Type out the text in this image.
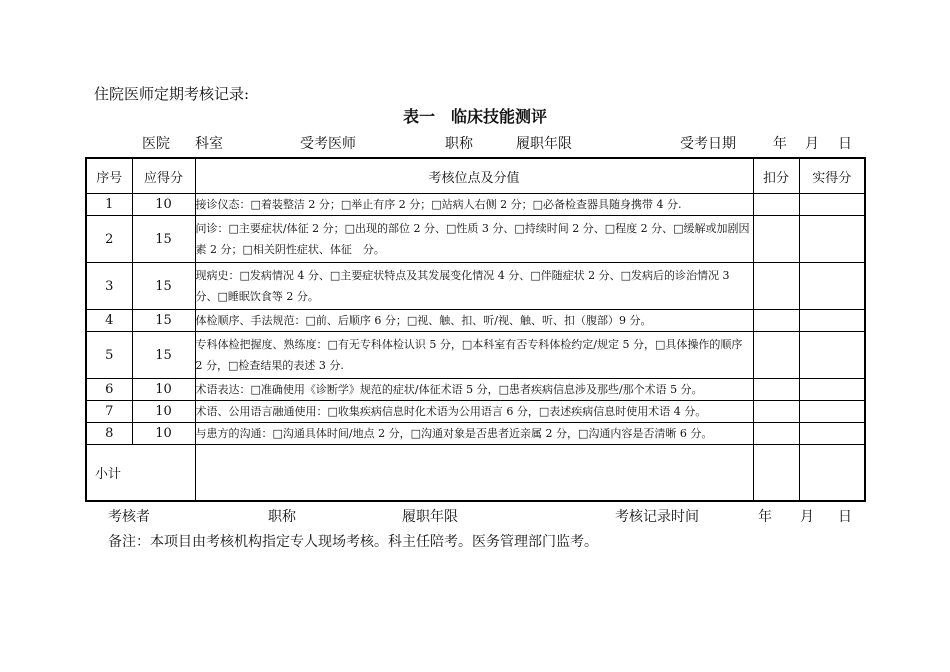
住院医师定期考核记录:
表一　临床技能测评
医院 科室	受考医师	职称	履职年限	受考日期	年 月 日
序号	应得分	考核位点及分值	扣分	实得分
1	10	接诊仪态：□着装整洁 2 分；□举止有序 2 分；□站病人右侧 2 分；□必备检查器具随身携带 4 分.		
2	15	问诊：□主要症状/体征 2 分；□出现的部位 2 分、□性质 3 分、□持续时间 2 分、□程度 2 分、□缓解或加剧因素 2 分；□相关阴性症状、体征　分。		
3	15	现病史：□发病情况 4 分、□主要症状特点及其发展变化情况 4 分、□伴随症状 2 分、□发病后的诊治情况 3 分、□睡眠饮食等 2 分。		
4	15	体检顺序、手法规范：□前、后顺序 6 分；□视、触、扣、听/视、触、听、扣（腹部）9 分。		
5	15	专科体检把握度、熟练度：□有无专科体检认识 5 分，□本科室有否专科体检约定/规定 5 分，□具体操作的顺序 2 分，□检查结果的表述 3 分.		
6	10	术语表达：□准确使用《诊断学》规范的症状/体征术语 5 分，□患者疾病信息涉及那些/那个术语 5 分。		
7	10	术语、公用语言融通使用：□收集疾病信息时化术语为公用语言 6 分，□表述疾病信息时使用术语 4 分。		
8	10	与患方的沟通：□沟通具体时间/地点 2 分，□沟通对象是否患者近亲属 2 分，□沟通内容是否清晰 6 分。		
小计				
考核者	职称	履职年限	考核记录时间	年 月 日
备注：本项目由考核机构指定专人现场考核。科主任陪考。医务管理部门监考。
